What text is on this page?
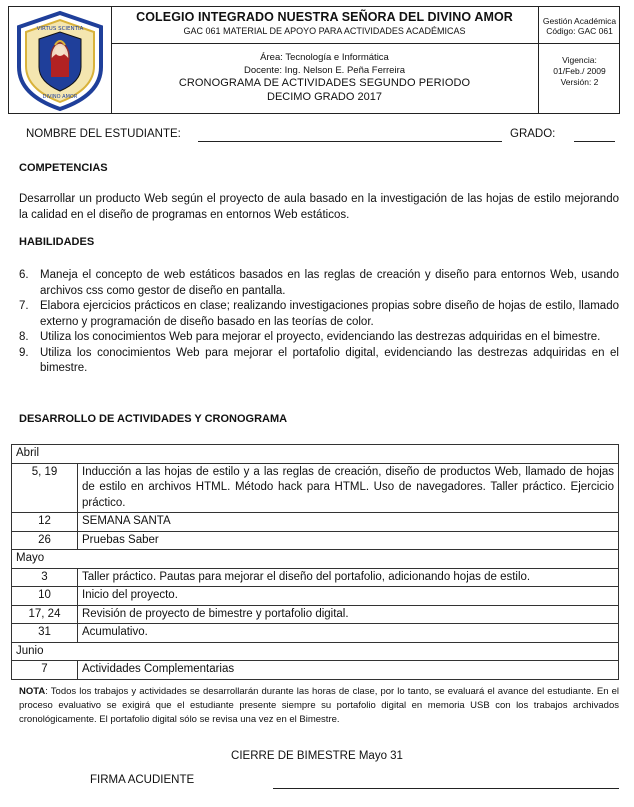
VIRTUS SCIENTIA
DIVINO AMOR
COLEGIO INTEGRADO NUESTRA SEÑORA DEL DIVINO AMOR
GAC 061 MATERIAL DE APOYO PARA ACTIVIDADES ACADÉMICAS
Área: Tecnología e Informática
Docente: Ing. Nelson E. Peña Ferreira
CRONOGRAMA DE ACTIVIDADES SEGUNDO PERIODO
DECIMO GRADO 2017
Gestión Académica
Código: GAC 061
Vigencia:
01/Feb./ 2009
Versión: 2
NOMBRE DEL ESTUDIANTE:	GRADO:
COMPETENCIAS
Desarrollar un producto Web según el proyecto de aula basado en la investigación de las hojas de estilo mejorando la calidad en el diseño de programas en entornos Web estáticos.
HABILIDADES
6. Maneja el concepto de web estáticos basados en las reglas de creación y diseño para entornos Web, usando archivos css como gestor de diseño en pantalla.
7. Elabora ejercicios prácticos en clase; realizando investigaciones propias sobre diseño de hojas de estilo, llamado externo y programación de diseño basado en las teorías de color.
8. Utiliza los conocimientos Web para mejorar el proyecto, evidenciando las destrezas adquiridas en el bimestre.
9. Utiliza los conocimientos Web para mejorar el portafolio digital, evidenciando las destrezas adquiridas en el bimestre.
DESARROLLO DE ACTIVIDADES Y CRONOGRAMA
Abril	
5, 19	Inducción a las hojas de estilo y a las reglas de creación, diseño de productos Web, llamado de hojas de estilo en archivos HTML. Método hack para HTML. Uso de navegadores. Taller práctico. Ejercicio práctico.
12	SEMANA SANTA
26	Pruebas Saber
Mayo	
3	Taller práctico. Pautas para mejorar el diseño del portafolio, adicionando hojas de estilo.
10	Inicio del proyecto.
17, 24	Revisión de proyecto de bimestre y portafolio digital.
31	Acumulativo.
Junio	
7	Actividades Complementarias
NOTA: Todos los trabajos y actividades se desarrollarán durante las horas de clase, por lo tanto, se evaluará el avance del estudiante. En el proceso evaluativo se exigirá que el estudiante presente siempre su portafolio digital en memoria USB con los trabajos archivados cronológicamente. El portafolio digital sólo se revisa una vez en el Bimestre.
CIERRE DE BIMESTRE Mayo 31
FIRMA ACUDIENTE
